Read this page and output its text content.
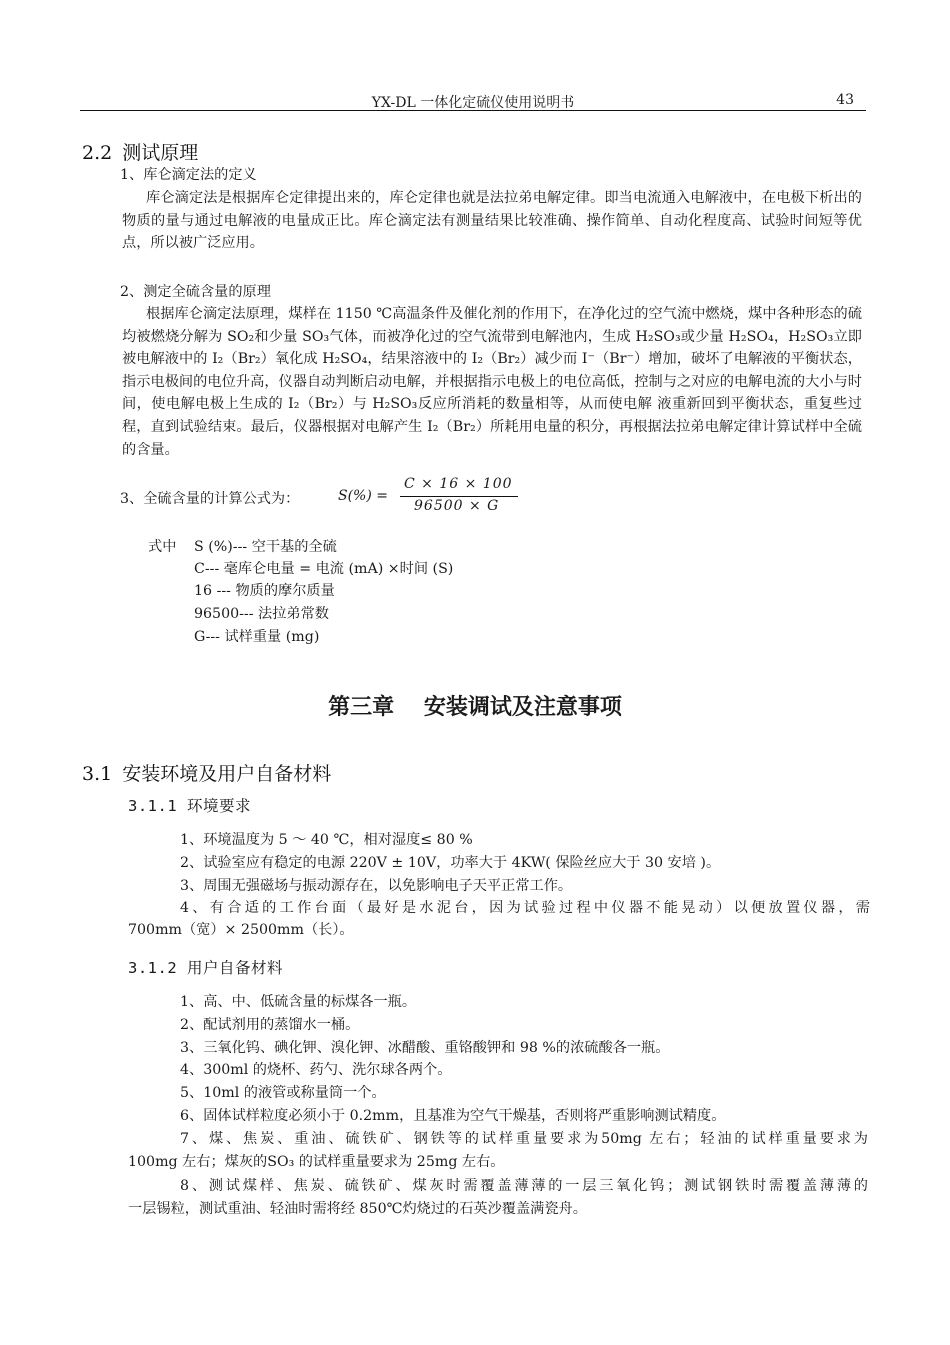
YX-DL 一体化定硫仪使用说明书	43
2.2 测试原理
1、库仑滴定法的定义
库仑滴定法是根据库仑定律提出来的，库仑定律也就是法拉弟电解定律。即当电流通入电解液中，在电极下析出的物质的量与通过电解液的电量成正比。库仑滴定法有测量结果比较准确、操作简单、自动化程度高、试验时间短等优点，所以被广泛应用。
2、测定全硫含量的原理
根据库仑滴定法原理，煤样在 1150 ℃高温条件及催化剂的作用下，在净化过的空气流中燃烧，煤中各种形态的硫均被燃烧分解为 SO₂和少量 SO₃气体，而被净化过的空气流带到电解池内，生成 H₂SO₃或少量 H₂SO₄，H₂SO₃立即被电解液中的 I₂（Br₂）氧化成 H₂SO₄，结果溶液中的 I₂（Br₂）减少而 I⁻（Br⁻）增加，破坏了电解液的平衡状态，指示电极间的电位升高，仪器自动判断启动电解，并根据指示电极上的电位高低，控制与之对应的电解电流的大小与时间，使电解电极上生成的 I₂（Br₂）与 H₂SO₃反应所消耗的数量相等，从而使电解 液重新回到平衡状态，重复些过程，直到试验结束。最后，仪器根据对电解产生 I₂（Br₂）所耗用电量的积分，再根据法拉弟电解定律计算试样中全硫的含量。
3、全硫含量的计算公式为：	S(%) =
C × 16 × 100
96500 × G
式中 S (%)--- 空干基的全硫
C--- 毫库仑电量 = 电流 (mA) ×时间 (S)
16 --- 物质的摩尔质量
96500--- 法拉弟常数
G--- 试样重量 (mg)
第三章　 安装调试及注意事项
3.1 安装环境及用户自备材料
3.1.1 环境要求
1、环境温度为 5 ～ 40 ℃，相对湿度≤ 80 %
2、试验室应有稳定的电源 220V ± 10V，功率大于 4KW( 保险丝应大于 30 安培 )。
3、周围无强磁场与振动源存在，以免影响电子天平正常工作。
4、有合适的工作台面（最好是水泥台，因为试验过程中仪器不能晃动）以便放置仪器，需
700mm（宽）× 2500mm（长）。
3.1.2 用户自备材料
1、高、中、低硫含量的标煤各一瓶。
2、配试剂用的蒸馏水一桶。
3、三氧化钨、碘化钾、溴化钾、冰醋酸、重铬酸钾和 98 %的浓硫酸各一瓶。
4、300ml 的烧杯、药勺、洗尔球各两个。
5、10ml 的液管或称量筒一个。
6、固体试样粒度必须小于 0.2mm，且基准为空气干燥基，否则将严重影响测试精度。
7、煤、焦炭、重油、硫铁矿、钢铁等的试样重量要求为50mg 左右；轻油的试样重量要求为
100mg 左右；煤灰的SO₃ 的试样重量要求为 25mg 左右。
8、测试煤样、焦炭、硫铁矿、煤灰时需覆盖薄薄的一层三氧化钨；测试钢铁时需覆盖薄薄的
一层锡粒，测试重油、轻油时需将经 850℃灼烧过的石英沙覆盖满瓷舟。
